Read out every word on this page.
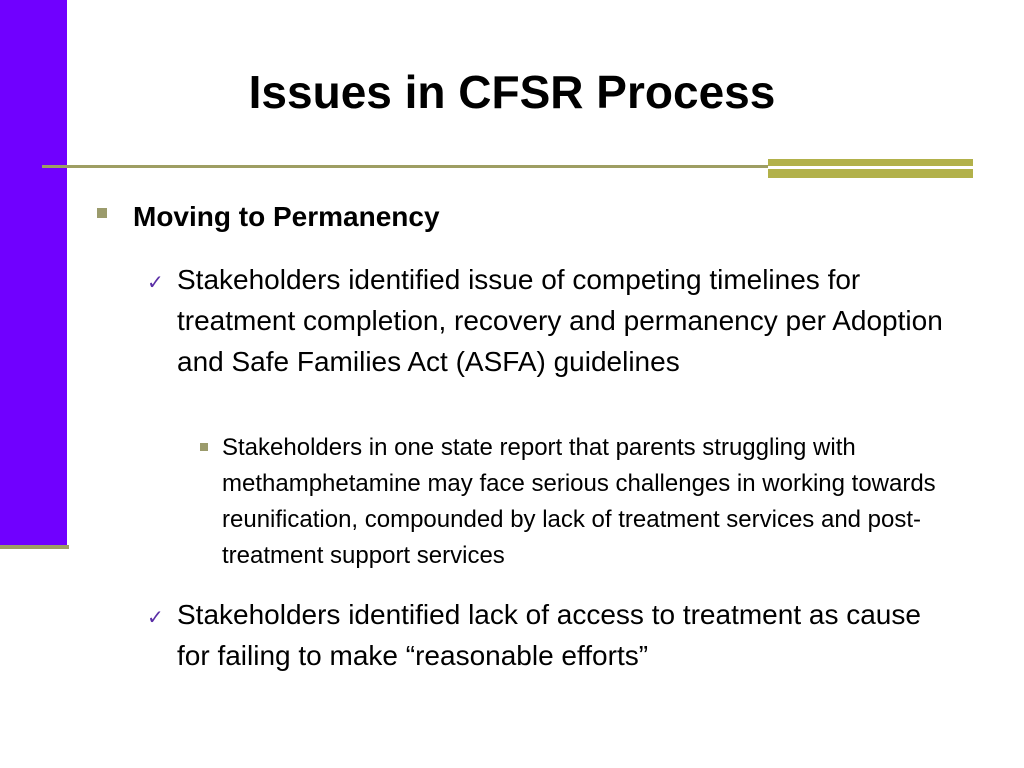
Issues in CFSR Process
Moving to Permanency
✓ Stakeholders identified issue of competing timelines for treatment completion, recovery and permanency per Adoption and Safe Families Act (ASFA) guidelines
Stakeholders in one state report that parents struggling with methamphetamine may face serious challenges in working towards reunification, compounded by lack of treatment services and post-treatment support services
✓ Stakeholders identified lack of access to treatment as cause for failing to make “reasonable efforts”
